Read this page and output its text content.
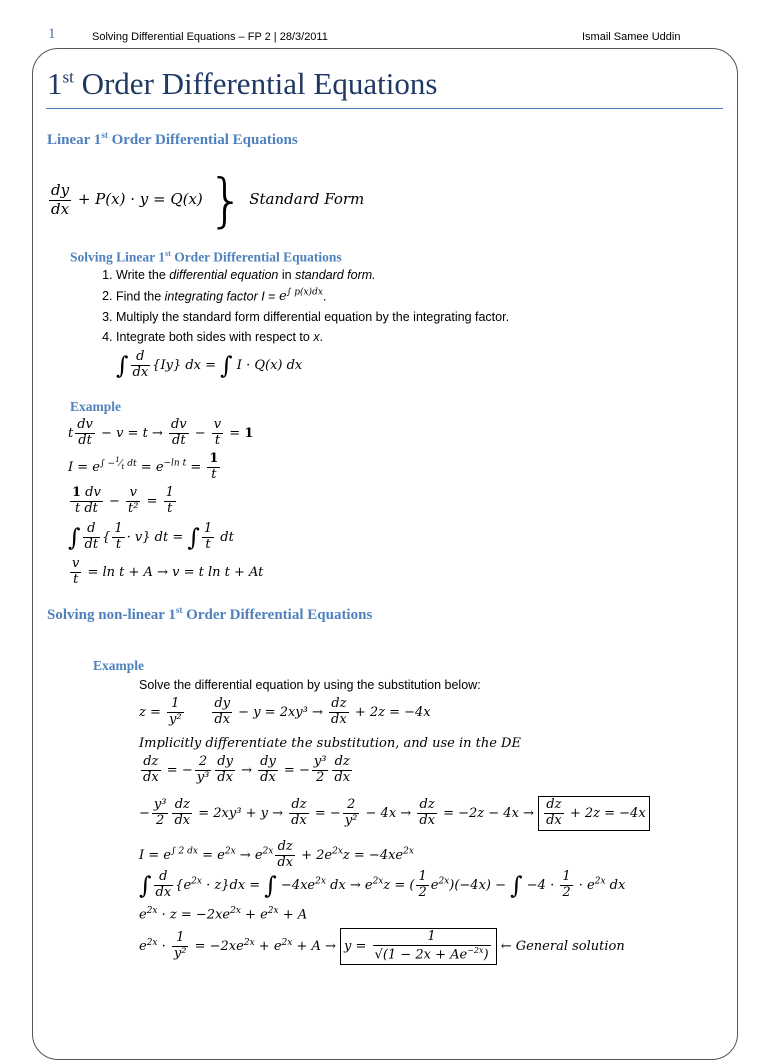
1	Solving Differential Equations – FP 2 | 28/3/2011	Ismail Samee Uddin
1st Order Differential Equations
Linear 1st Order Differential Equations
$\frac{dy}{dx} + P(x) \cdot y = Q(x)$ } Standard Form
Solving Linear 1st Order Differential Equations
1. Write the differential equation in standard form.
2. Find the integrating factor $I = e^{\int p(x)dx}$.
3. Multiply the standard form differential equation by the integrating factor.
4. Integrate both sides with respect to x.
∫ $\frac{d}{dx} \{Iy\}$ dx = ∫ I · Q(x) dx
Example
t $\frac{dv}{dt} - v = t \to \frac{dv}{dt} - \frac{v}{t} = 1$
$I = e^{\int -^1⁄_t dt} = e^{-ln t} = \frac{1}{t}$
$\frac{1 dv}{\text{t dt}} - \frac{v}{\text{t²}} = \frac{1}{t}$
∫ $\frac{d}{dt}$ { $\frac{1}{t} \cdot v$} dt = ∫ $\frac{1}{t}$ dt
$\frac{v}{t} = \ln t + A \to v = t$ ln t + At
Solving non-linear 1st Order Differential Equations
Example
Solve the differential equation by using the substitution below:
$z = \frac{1}{\text{y²}}$
$\frac{dy}{dx} - y = 2xy^3 \to \frac{dz}{dx} + 2z = -4x$
Implicitly differentiate the substitution, and use in the DE
$\frac{dz}{dx}$ = − $\frac{2}{\text{y³}} \frac{dy}{dx} \to \frac{dy}{dx}$ = − $\frac{\text{y³}}{2} \frac{dz}{dx}$
− $\frac{\text{y³}}{2} \frac{dz}{dx} = 2xy^3 + y \to \frac{dz}{dx}$ = − $\frac{2}{\text{y²}} - 4x \to \frac{dz}{dx} = -2z - 4x \to \frac{dz}{dx} + 2z = -4x$
$I = e^{\int 2 dx} = e^{2x} \to e^{2x} \frac{dz}{dx} + 2e^{2x}z = -4xe^{2x}$
∫ $\frac{d}{dx} \{e^{2x} \cdot z\}dx$ = ∫ $-4xe^{2x}$ dx → $e^{2x}z$ = ( $\frac{1}{2} e^{2x})(-4x)$ − ∫ $-4 \cdot \frac{1}{2} \cdot e^{2x}$ dx
$e^{2x} \cdot z = -2xe^{2x} + e^{2x} + A$
$e^{2x} \cdot \frac{1}{\text{y²}} = -2xe^{2x} + e^{2x} + A \to y = \frac{1}{√(1 - 2x + Ae^{-2x})}$ ← General solution
